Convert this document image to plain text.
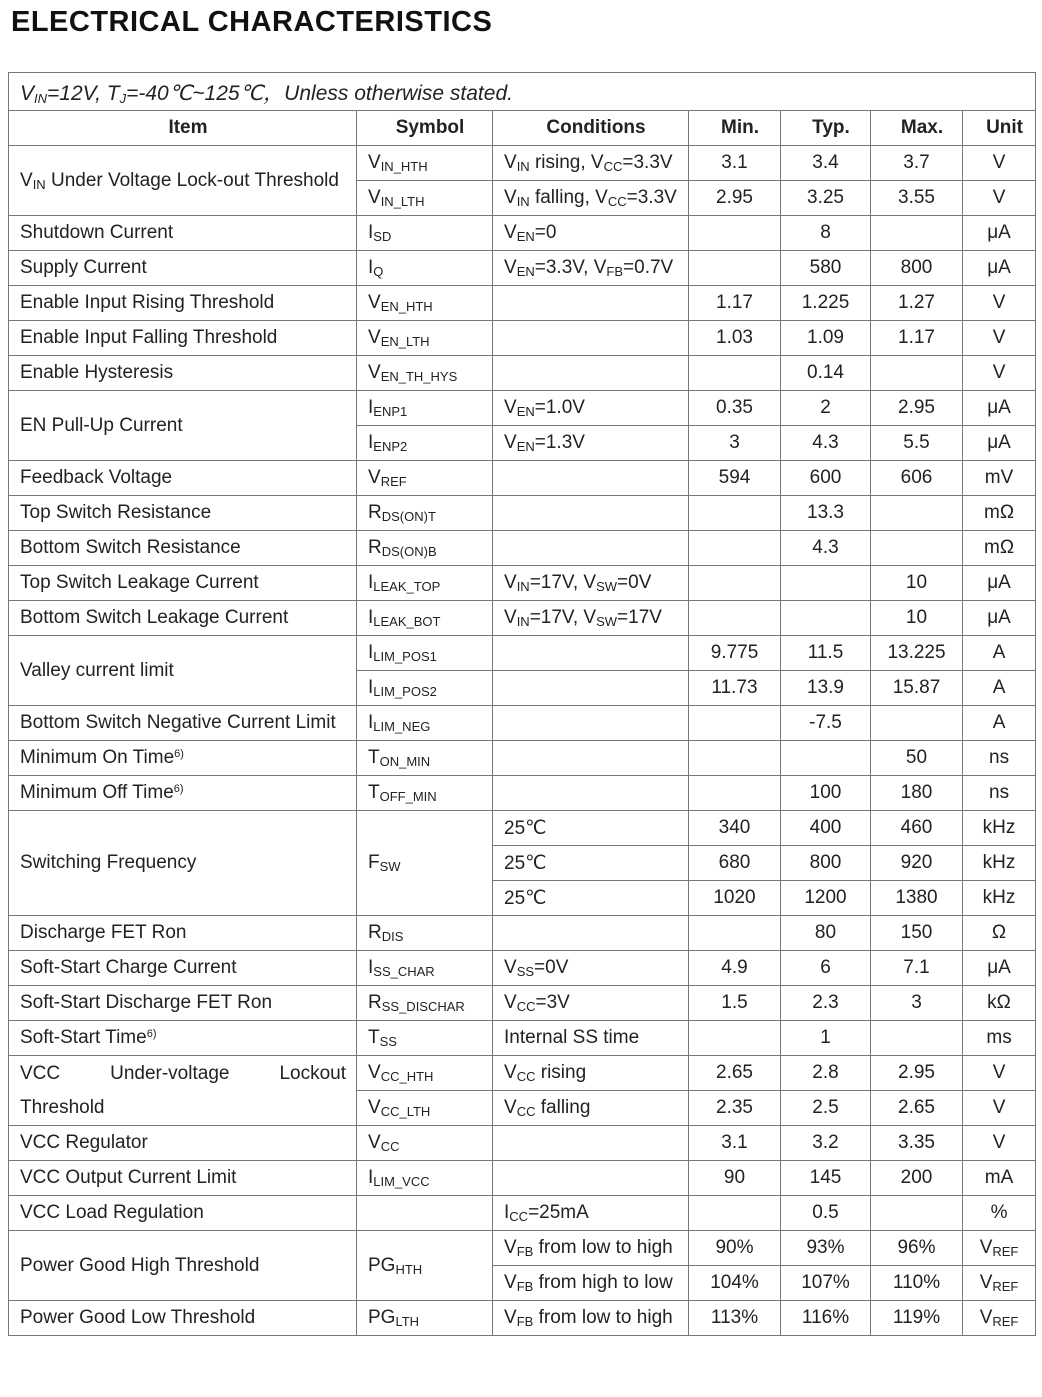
ELECTRICAL CHARACTERISTICS
$V_{IN}=12V$, $T_J=-40℃\sim 125℃$，Unless otherwise stated.						
Item	Symbol	Conditions	Min.	Typ.	Max.	Unit
$V_{IN}$ Under Voltage Lock-out Threshold	$V_{IN\_HTH}$	$V_{IN}$ rising, $V_{CC}=3.3V$	3.1	3.4	3.7	V
	$V_{IN\_LTH}$	$V_{IN}$ falling, $V_{CC}=3.3V$	2.95	3.25	3.55	V
Shutdown Current	$I_{SD}$	$V_{EN}=0$		8		μA
Supply Current	$I_Q$	$V_{EN}=3.3V$, $V_{FB}=0.7V$		580	800	μA
Enable Input Rising Threshold	$V_{EN\_HTH}$		1.17	1.225	1.27	V
Enable Input Falling Threshold	$V_{EN\_LTH}$		1.03	1.09	1.17	V
Enable Hysteresis	$V_{EN\_TH\_HYS}$			0.14		V
EN Pull-Up Current	$I_{ENP1}$	$V_{EN}=1.0V$	0.35	2	2.95	μA
	$I_{ENP2}$	$V_{EN}=1.3V$	3	4.3	5.5	μA
Feedback Voltage	$V_{REF}$		594	600	606	mV
Top Switch Resistance	$R_{DS(ON)T}$			13.3		mΩ
Bottom Switch Resistance	$R_{DS(ON)B}$			4.3		mΩ
Top Switch Leakage Current	$I_{LEAK\_TOP}$	$V_{IN}=17V$, $V_{SW}=0V$			10	μA
Bottom Switch Leakage Current	$I_{LEAK\_BOT}$	$V_{IN}=17V$, $V_{SW}=17V$			10	μA
Valley current limit	$I_{LIM\_POS1}$		9.775	11.5	13.225	A
	$I_{LIM\_POS2}$		11.73	13.9	15.87	A
Bottom Switch Negative Current Limit	$I_{LIM\_NEG}$			-7.5		A
Minimum On Time$^{6)}$	$T_{ON\_MIN}$				50	ns
Minimum Off Time$^{6)}$	$T_{OFF\_MIN}$			100	180	ns
Switching Frequency	$F_{SW}$	25℃	340	400	460	kHz
		25℃	680	800	920	kHz
		25℃	1020	1200	1380	kHz
Discharge FET Ron	$R_{DIS}$			80	150	Ω
Soft-Start Charge Current	$I_{SS\_CHAR}$	$V_{SS}=0V$	4.9	6	7.1	μA
Soft-Start Discharge FET Ron	$R_{SS\_DISCHAR}$	$V_{CC}=3V$	1.5	2.3	3	kΩ
Soft-Start Time$^{6)}$	$T_{SS}$	Internal SS time		1		ms

VCC Under-voltage Lockout
Threshold	$V_{CC\_HTH}$	$V_{CC}$ rising	2.65	2.8	2.95	V
	$V_{CC\_LTH}$	$V_{CC}$ falling	2.35	2.5	2.65	V
VCC Regulator	$V_{CC}$		3.1	3.2	3.35	V
VCC Output Current Limit	$I_{LIM\_VCC}$		90	145	200	mA
VCC Load Regulation		$I_{CC}=25mA$		0.5		%
Power Good High Threshold	$PG_{HTH}$	$V_{FB}$ from low to high	90%	93%	96%	$V_{REF}$
		$V_{FB}$ from high to low	104%	107%	110%	$V_{REF}$
Power Good Low Threshold	$PG_{LTH}$	$V_{FB}$ from low to high	113%	116%	119%	$V_{REF}$
